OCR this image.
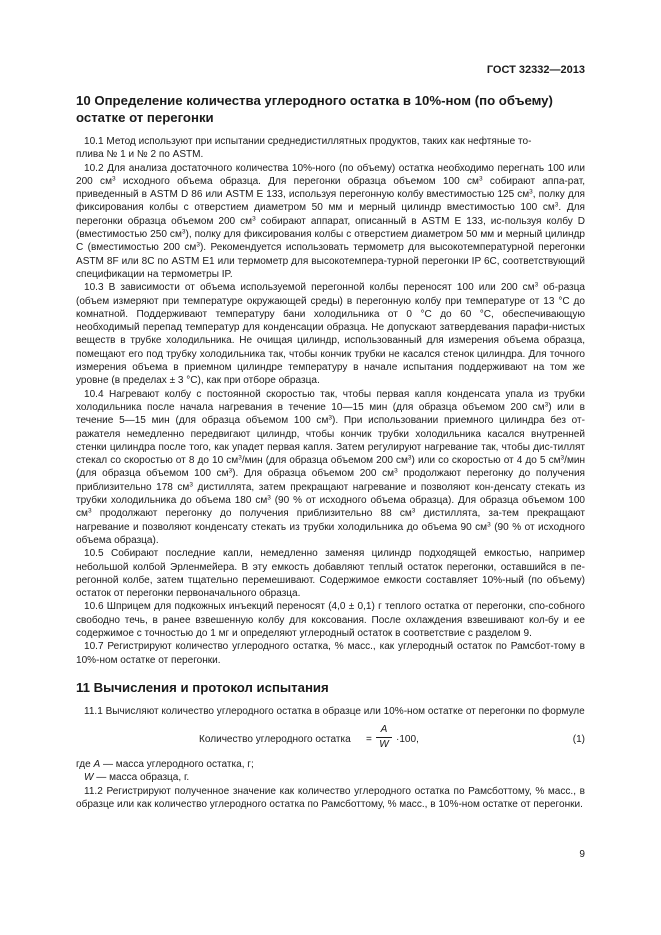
ГОСТ 32332—2013
10 Определение количества углеродного остатка в 10%-ном (по объему)
остатке от перегонки

10.1 Метод используют при испытании среднедистиллятных продуктов, таких как нефтяные то-
плива № 1 и № 2 по ASTM.

10.2 Для анализа достаточного количества 10%-ного (по объему) остатка необходимо перегнать 100 или 200 $см^3$ исходного объема образца. Для перегонки образца объемом 100 $см^3$ собирают аппа-рат, приведенный в ASTM D 86 или ASTM E 133, используя перегонную колбу вместимостью 125 $см^3$, полку для фиксирования колбы с отверстием диаметром 50 мм и мерный цилиндр вместимостью 100 $см^3$. Для перегонки образца объемом 200 $см^3$ собирают аппарат, описанный в ASTM E 133, ис-пользуя колбу D (вместимостью 250 $см^3$), полку для фиксирования колбы с отверстием диаметром 50 мм и мерный цилиндр С (вместимостью 200 $см^3$). Рекомендуется использовать термометр для высокотемпературной перегонки ASTM 8F или 8C по ASTM E1 или термометр для высокотемпера-турной перегонки IP 6C, соответствующий спецификации на термометры IP.

10.3 В зависимости от объема используемой перегонной колбы переносят 100 или 200 $см^3$ об-разца (объем измеряют при температуре окружающей среды) в перегонную колбу при температуре от 13 °С до комнатной. Поддерживают температуру бани холодильника от 0 °С до 60 °С, обеспечивающую необходимый перепад температур для конденсации образца. Не допускают затвердевания парафи-нистых веществ в трубке холодильника. Не очищая цилиндр, использованный для измерения объема образца, помещают его под трубку холодильника так, чтобы кончик трубки не касался стенок цилиндра. Для точного измерения объема в приемном цилиндре температуру в начале испытания поддерживают на том же уровне (в пределах ± 3 °С), как при отборе образца.

10.4 Нагревают колбу с постоянной скоростью так, чтобы первая капля конденсата упала из трубки холодильника после начала нагревания в течение 10—15 мин (для образца объемом 200 $см^3$) или в течение 5—15 мин (для образца объемом 100 $см^3$). При использовании приемного цилиндра без от-ражателя немедленно передвигают цилиндр, чтобы кончик трубки холодильника касался внутренней стенки цилиндра после того, как упадет первая капля. Затем регулируют нагревание так, чтобы дис-тиллят стекал со скоростью от 8 до 10 $см^3$/мин (для образца объемом 200 $см^3$) или со скоростью от 4 до 5 $см^3$/мин (для образца объемом 100 $см^3$). Для образца объемом 200 $см^3$ продолжают перегонку до получения приблизительно 178 $см^3$ дистиллята, затем прекращают нагревание и позволяют кон-денсату стекать из трубки холодильника до объема 180 $см^3$ (90 % от исходного объема образца). Для образца объемом 100 $см^3$ продолжают перегонку до получения приблизительно 88 $см^3$ дистиллята, за-тем прекращают нагревание и позволяют конденсату стекать из трубки холодильника до объема 90 $см^3$ (90 % от исходного объема образца).

10.5 Собирают последние капли, немедленно заменяя цилиндр подходящей емкостью, например небольшой колбой Эрленмейера. В эту емкость добавляют теплый остаток перегонки, оставшийся в пе-регонной колбе, затем тщательно перемешивают. Содержимое емкости составляет 10%-ный (по объему) остаток от перегонки первоначального образца.

10.6 Шприцем для подкожных инъекций переносят (4,0 ± 0,1) г теплого остатка от перегонки, спо-собного свободно течь, в ранее взвешенную колбу для коксования. После охлаждения взвешивают кол-бу и ее содержимое с точностью до 1 мг и определяют углеродный остаток в соответствие с разделом 9.

10.7 Регистрируют количество углеродного остатка, % масс., как углеродный остаток по Рамсбот-тому в 10%-ном остатке от перегонки.

11 Вычисления и протокол испытания

11.1 Вычисляют количество углеродного остатка в образце или 10%-ном остатке от перегонки по формуле

Количество углеродного остатка =
A
W ·100,	(1)
где A — масса углеродного остатка, г;
W — масса образца, г.

11.2 Регистрируют полученное значение как количество углеродного остатка по Рамсботтому, % масс., в образце или как количество углеродного остатка по Рамсботтому, % масс., в 10%-ном остатке от перегонки.

9
